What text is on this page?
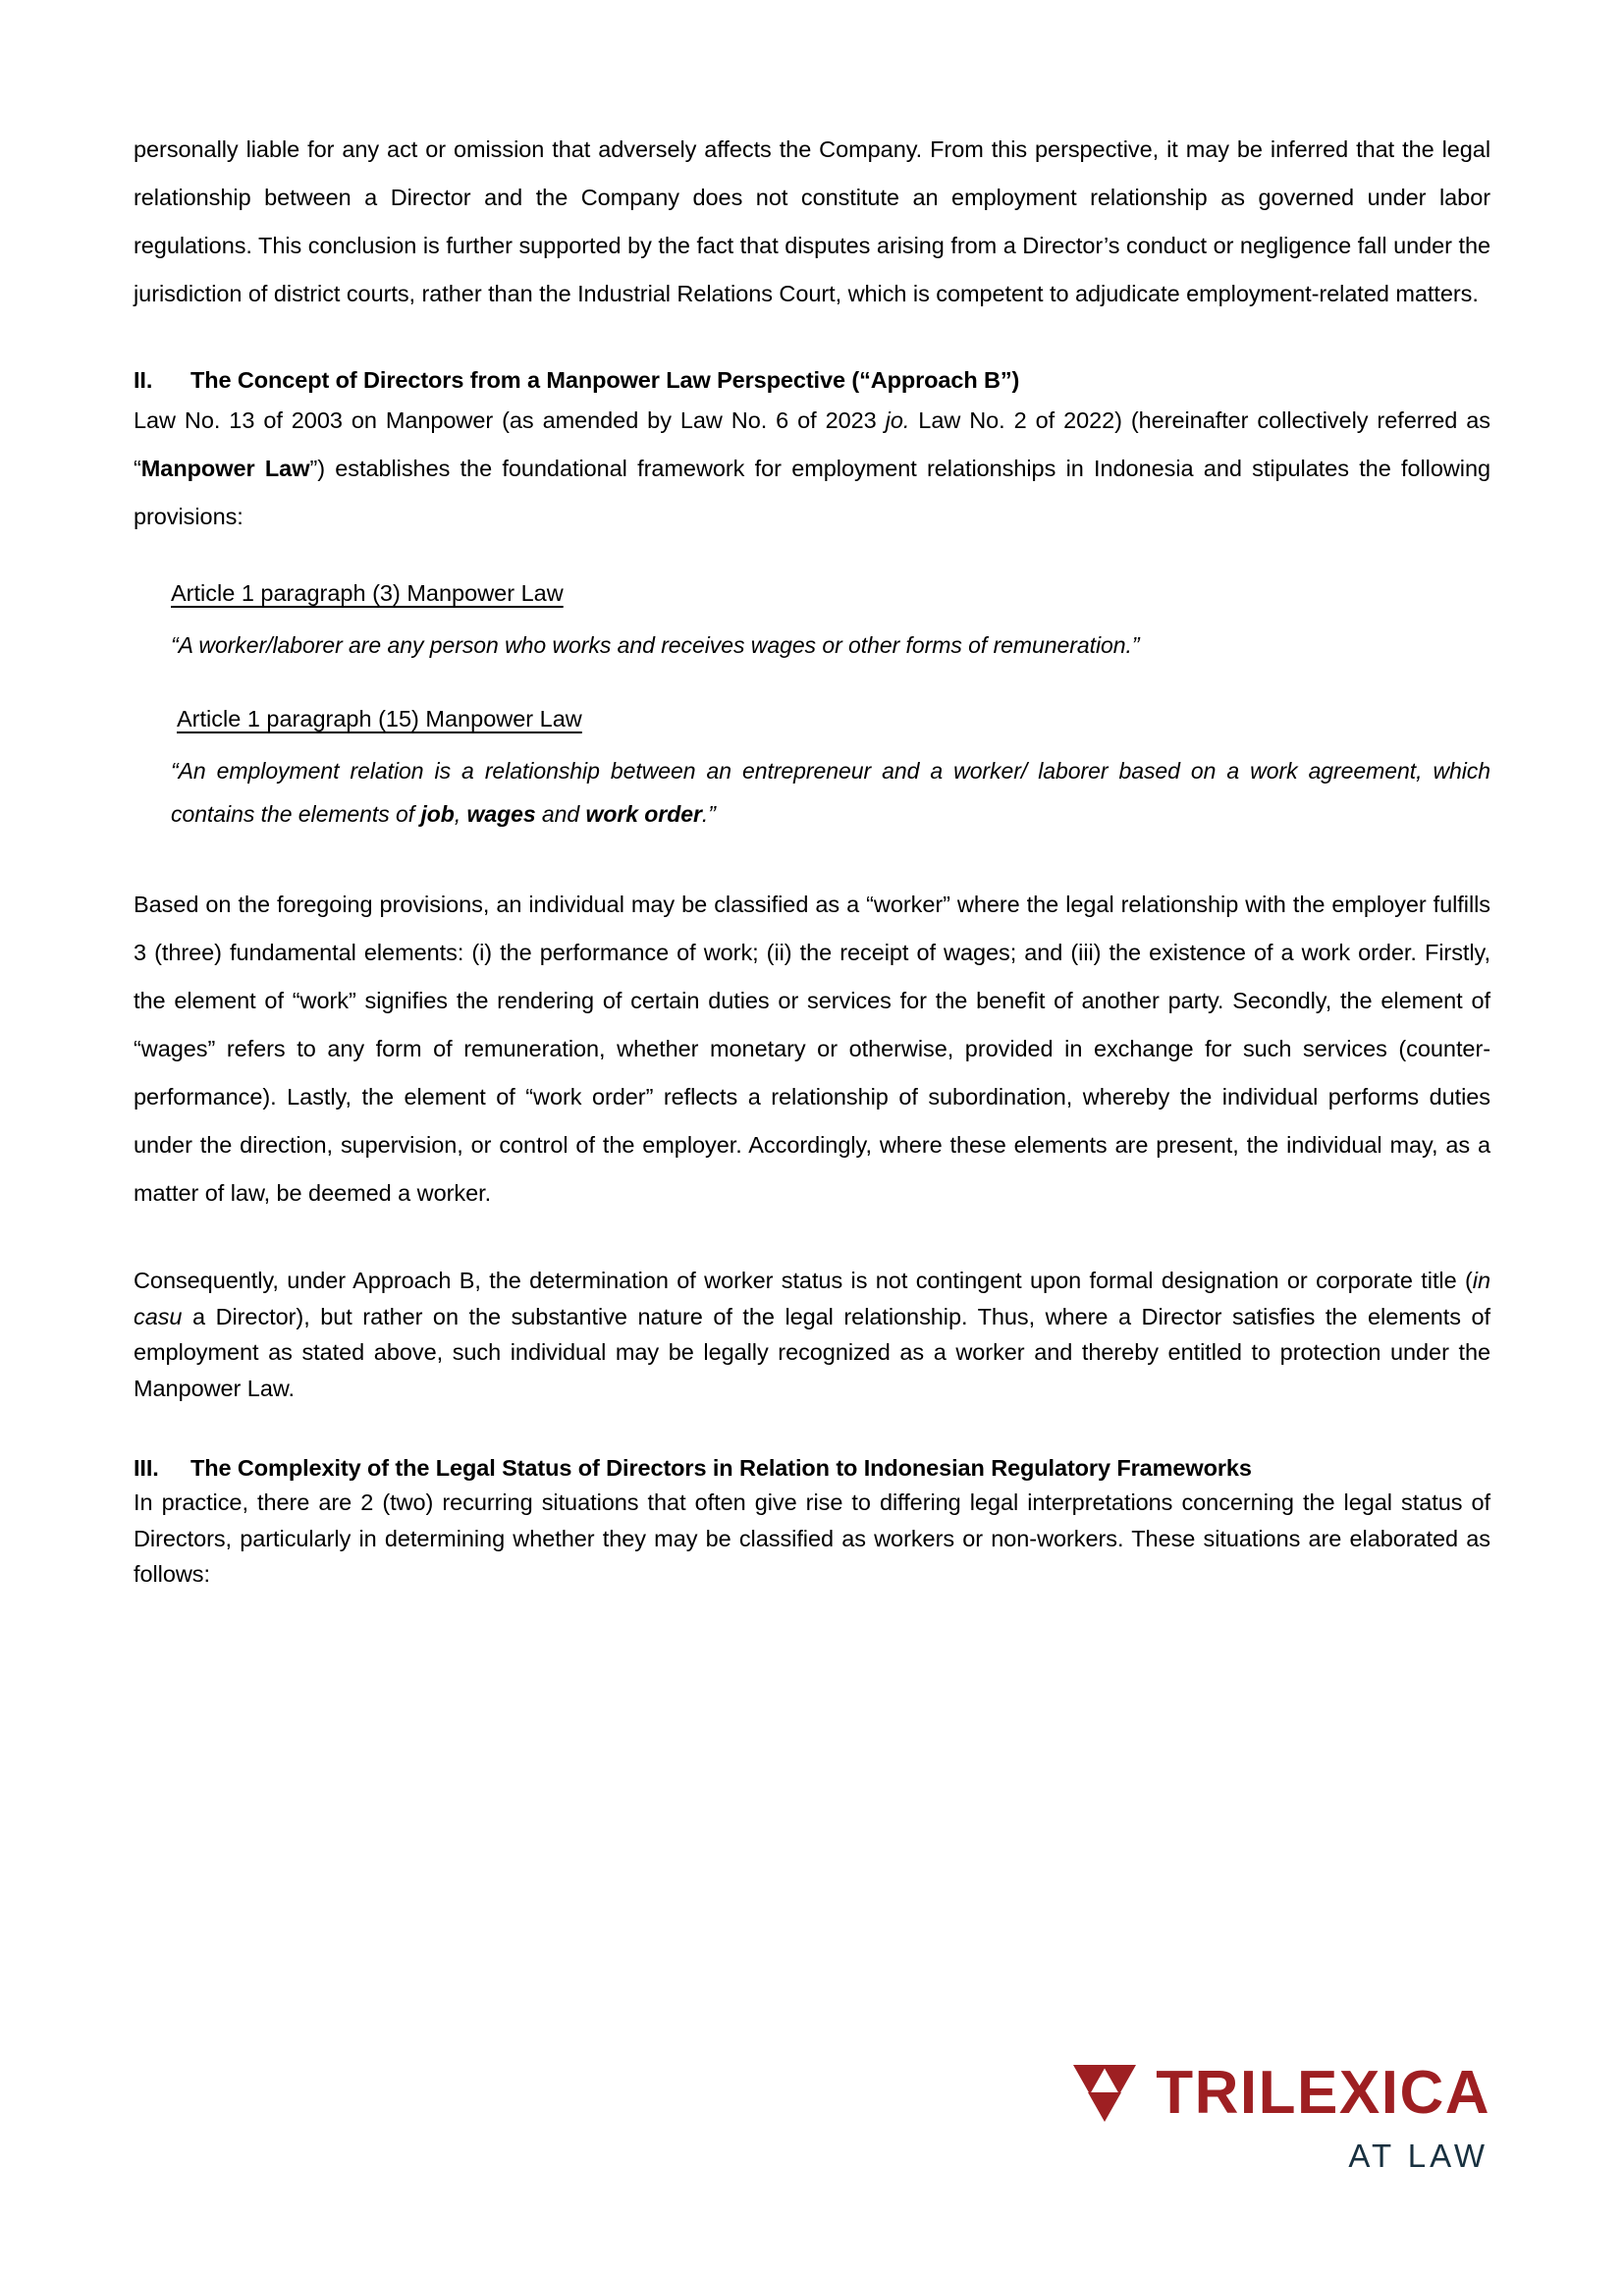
personally liable for any act or omission that adversely affects the Company. From this perspective, it may be inferred that the legal relationship between a Director and the Company does not constitute an employment relationship as governed under labor regulations. This conclusion is further supported by the fact that disputes arising from a Director’s conduct or negligence fall under the jurisdiction of district courts, rather than the Industrial Relations Court, which is competent to adjudicate employment-related matters.

II.	The Concept of Directors from a Manpower Law Perspective (“Approach B”)

Law No. 13 of 2003 on Manpower (as amended by Law No. 6 of 2023 jo. Law No. 2 of 2022) (hereinafter collectively referred as “Manpower Law”) establishes the foundational framework for employment relationships in Indonesia and stipulates the following provisions:

Article 1 paragraph (3) Manpower Law

“A worker/laborer are any person who works and receives wages or other forms of remuneration.”

Article 1 paragraph (15) Manpower Law

“An employment relation is a relationship between an entrepreneur and a worker/ laborer based on a work agreement, which contains the elements of job, wages and work order.”

Based on the foregoing provisions, an individual may be classified as a “worker” where the legal relationship with the employer fulfills 3 (three) fundamental elements: (i) the performance of work; (ii) the receipt of wages; and (iii) the existence of a work order. Firstly, the element of “work” signifies the rendering of certain duties or services for the benefit of another party. Secondly, the element of “wages” refers to any form of remuneration, whether monetary or otherwise, provided in exchange for such services (counter-performance). Lastly, the element of “work order” reflects a relationship of subordination, whereby the individual performs duties under the direction, supervision, or control of the employer. Accordingly, where these elements are present, the individual may, as a matter of law, be deemed a worker.

Consequently, under Approach B, the determination of worker status is not contingent upon formal designation or corporate title (in casu a Director), but rather on the substantive nature of the legal relationship. Thus, where a Director satisfies the elements of employment as stated above, such individual may be legally recognized as a worker and thereby entitled to protection under the Manpower Law.

III.	The Complexity of the Legal Status of Directors in Relation to Indonesian Regulatory Frameworks

In practice, there are 2 (two) recurring situations that often give rise to differing legal interpretations concerning the legal status of Directors, particularly in determining whether they may be classified as workers or non-workers. These situations are elaborated as follows:

TRILEXICA
AT LAW
